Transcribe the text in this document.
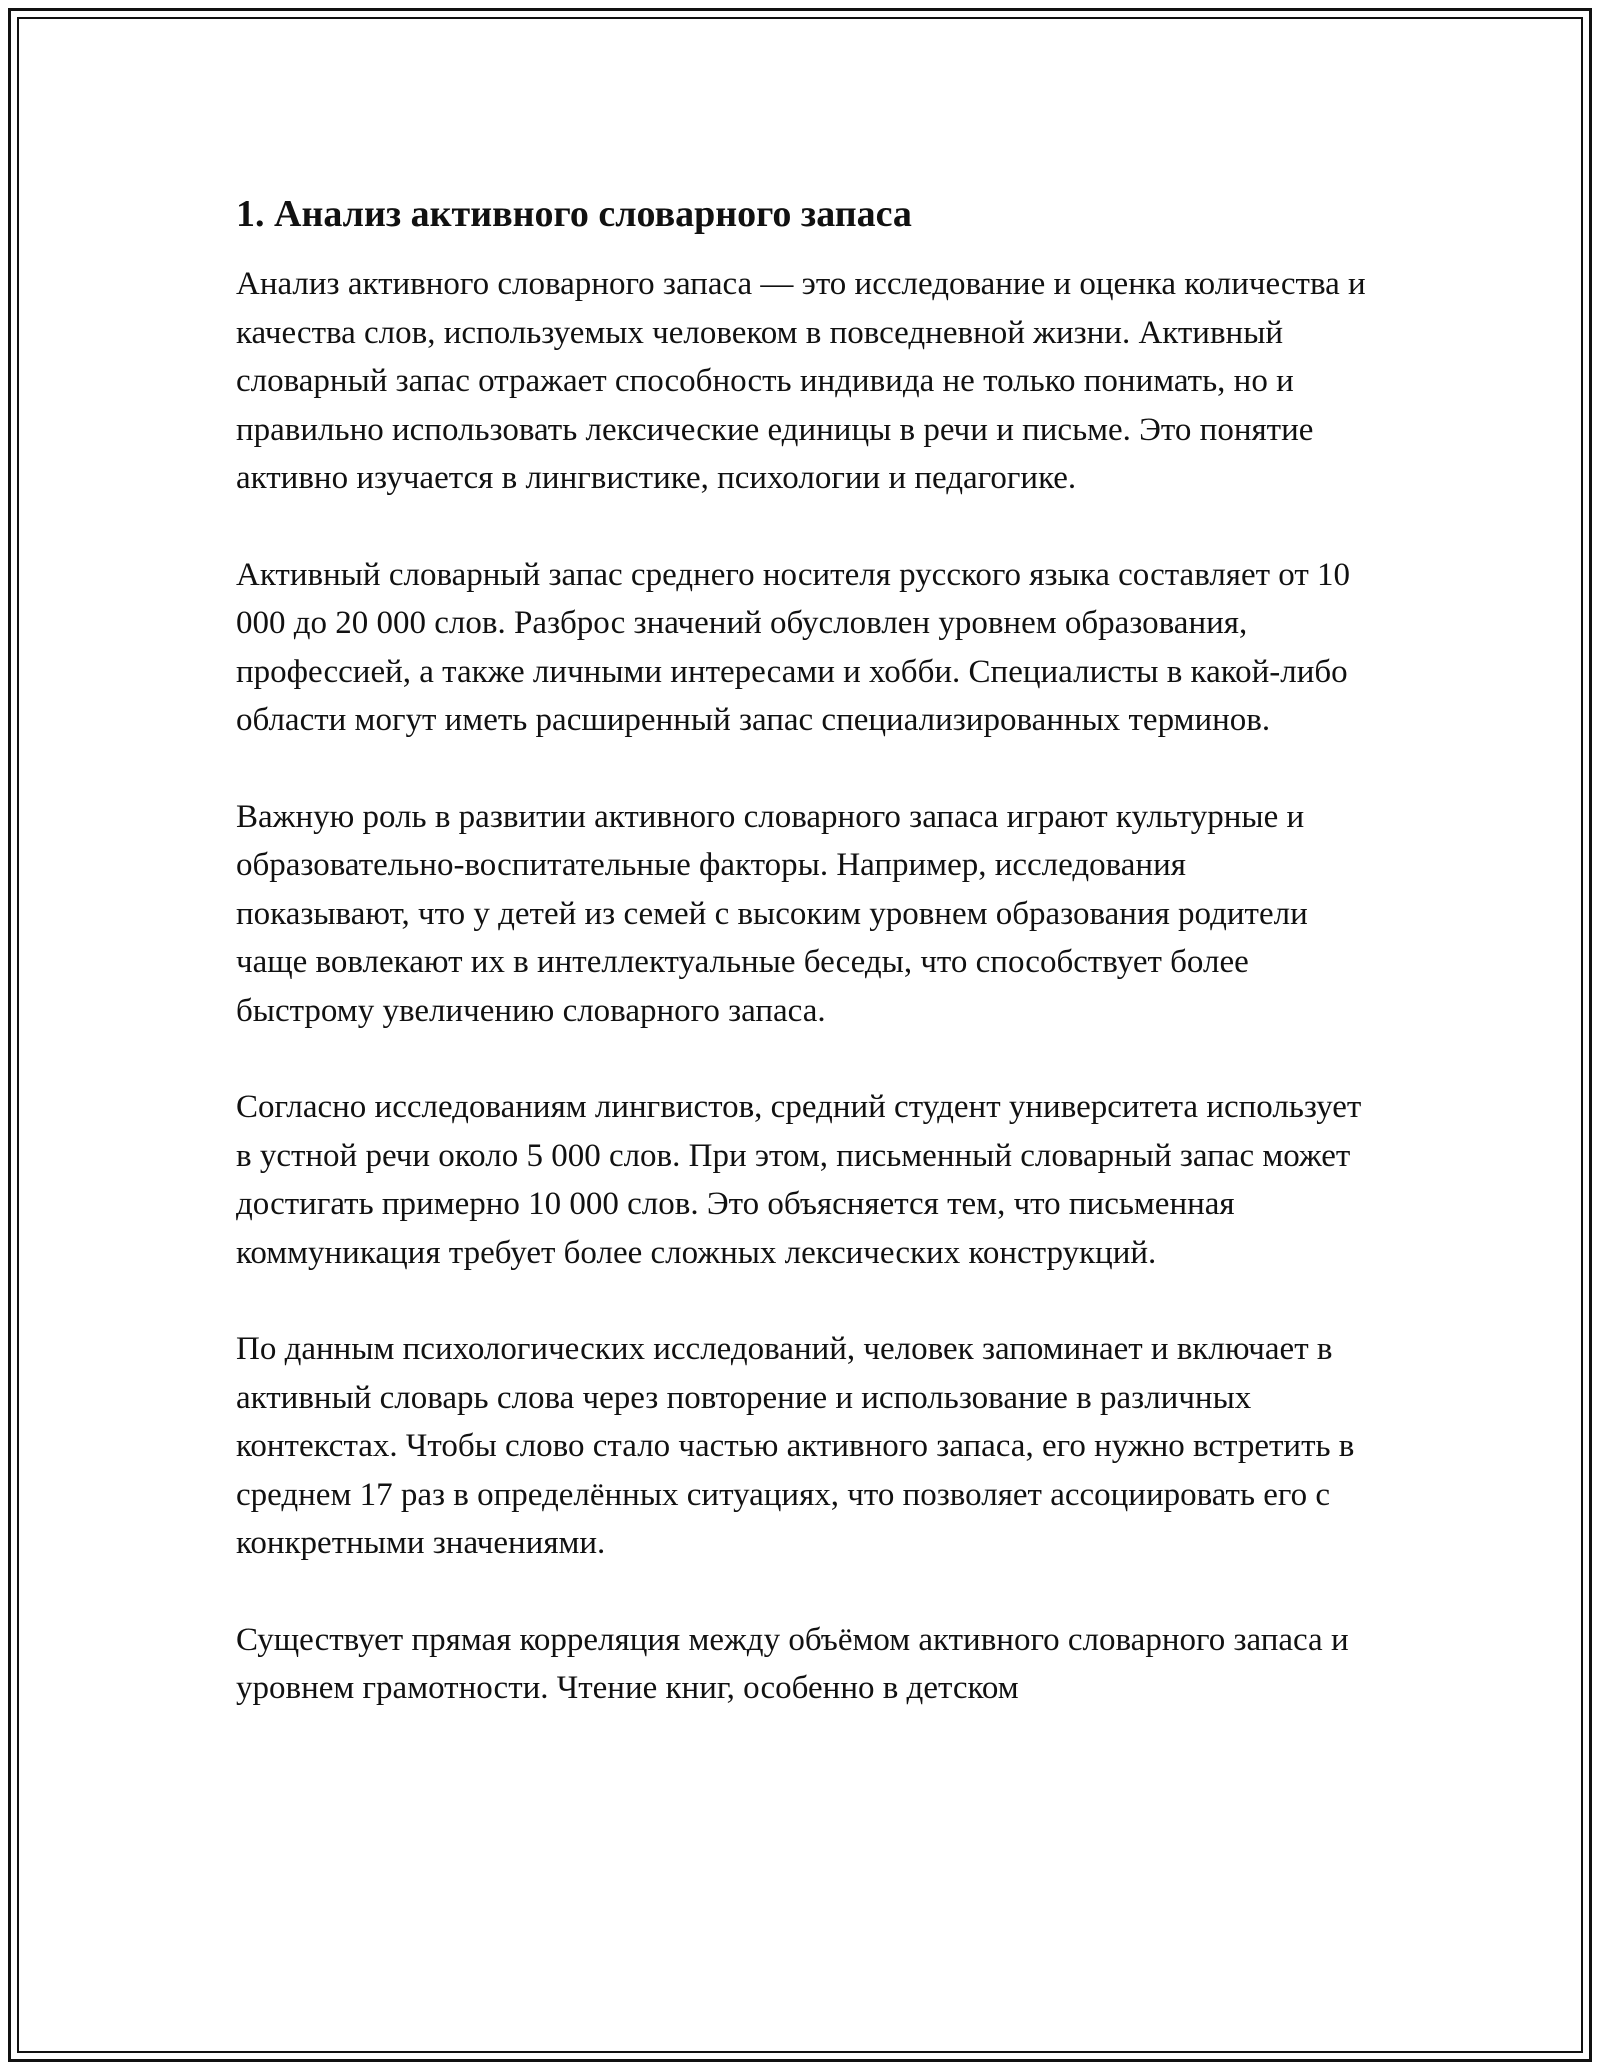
1. Анализ активного словарного запаса

Анализ активного словарного запаса — это исследование и оценка количества и качества слов, используемых человеком в повседневной жизни. Активный словарный запас отражает способность индивида не только понимать, но и правильно использовать лексические единицы в речи и письме. Это понятие активно изучается в лингвистике, психологии и педагогике.

Активный словарный запас среднего носителя русского языка составляет от 10 000 до 20 000 слов. Разброс значений обусловлен уровнем образования, профессией, а также личными интересами и хобби. Специалисты в какой-либо области могут иметь расширенный запас специализированных терминов.

Важную роль в развитии активного словарного запаса играют культурные и образовательно-воспитательные факторы. Например, исследования показывают, что у детей из семей с высоким уровнем образования родители чаще вовлекают их в интеллектуальные беседы, что способствует более быстрому увеличению словарного запаса.

Согласно исследованиям лингвистов, средний студент университета использует в устной речи около 5 000 слов. При этом, письменный словарный запас может достигать примерно 10 000 слов. Это объясняется тем, что письменная коммуникация требует более сложных лексических конструкций.

По данным психологических исследований, человек запоминает и включает в активный словарь слова через повторение и использование в различных контекстах. Чтобы слово стало частью активного запаса, его нужно встретить в среднем 17 раз в определённых ситуациях, что позволяет ассоциировать его с конкретными значениями.

Существует прямая корреляция между объёмом активного словарного запаса и уровнем грамотности. Чтение книг, особенно в детском
